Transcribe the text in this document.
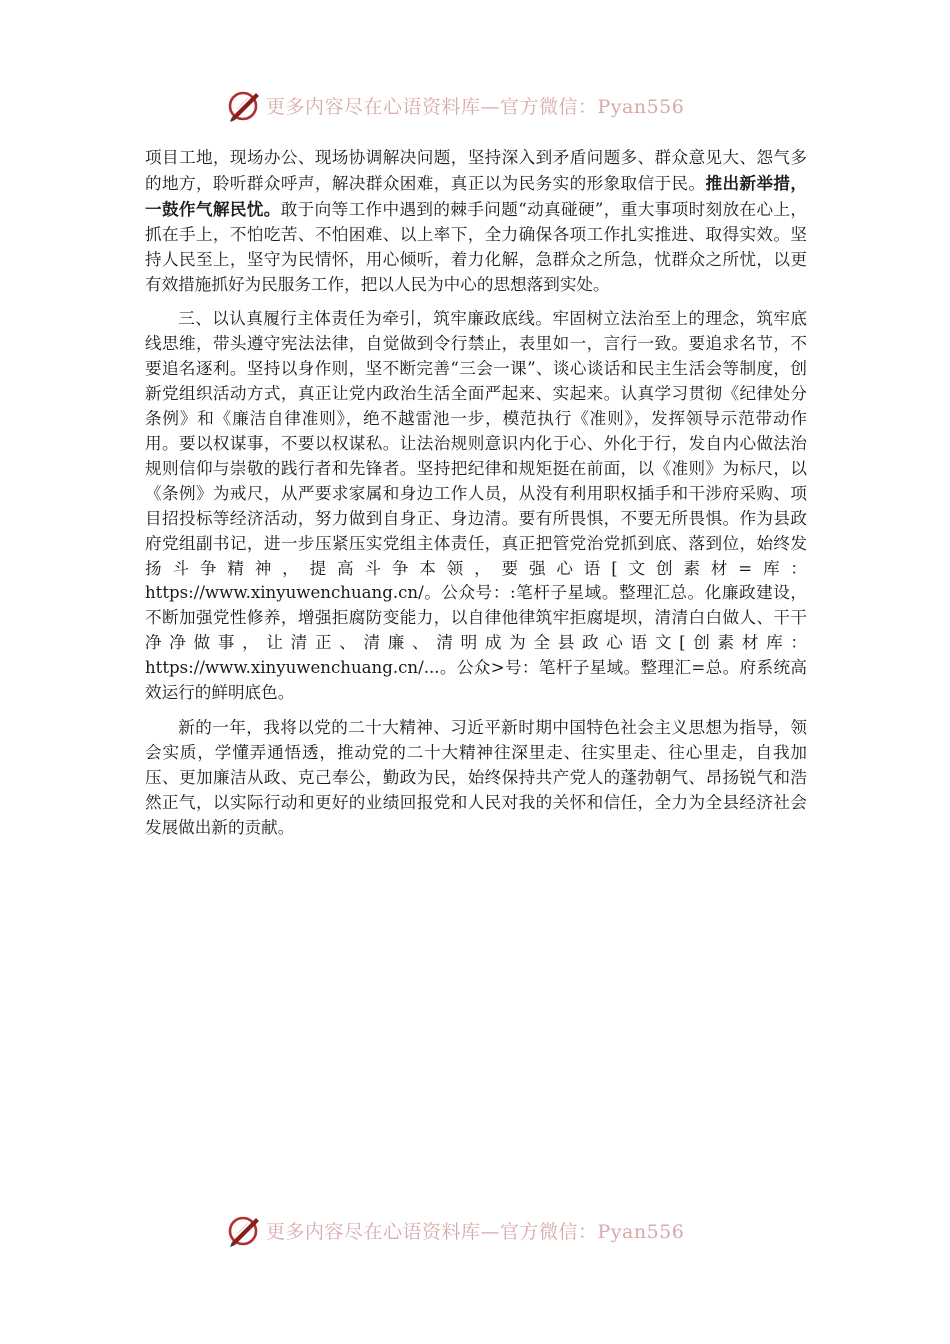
更多内容尽在心语资料库—官方微信：Pyan556

项目工地，现场办公、现场协调解决问题，坚持深入到矛盾问题多、群众意见大、怨气多的地方，聆听群众呼声，解决群众困难，真正以为民务实的形象取信于民。推出新举措，一鼓作气解民忧。敢于向等工作中遇到的棘手问题“动真碰硬”，重大事项时刻放在心上，抓在手上，不怕吃苦、不怕困难、以上率下，全力确保各项工作扎实推进、取得实效。坚持人民至上，坚守为民情怀，用心倾听，着力化解，急群众之所急，忧群众之所忧，以更有效措施抓好为民服务工作，把以人民为中心的思想落到实处。

三、以认真履行主体责任为牵引，筑牢廉政底线。牢固树立法治至上的理念，筑牢底线思维，带头遵守宪法法律，自觉做到令行禁止，表里如一，言行一致。要追求名节，不要追名逐利。坚持以身作则，坚不断完善“三会一课”、谈心谈话和民主生活会等制度，创新党组织活动方式，真正让党内政治生活全面严起来、实起来。认真学习贯彻《纪律处分条例》和《廉洁自律准则》，绝不越雷池一步，模范执行《准则》，发挥领导示范带动作用。要以权谋事，不要以权谋私。让法治规则意识内化于心、外化于行，发自内心做法治规则信仰与崇敬的践行者和先锋者。坚持把纪律和规矩挺在前面，以《准则》为标尺，以《条例》为戒尺，从严要求家属和身边工作人员，从没有利用职权插手和干涉府采购、项目招投标等经济活动，努力做到自身正、身边清。要有所畏惧，不要无所畏惧。作为县政府党组副书记，进一步压紧压实党组主体责任，真正把管党治党抓到底、落到位，始终发扬斗争精神，提高斗争本领，要强心语[文创素材=库：https://www.xinyuwenchuang.cn/。公众号：:笔杆子星域。整理汇总。化廉政建设，不断加强党性修养，增强拒腐防变能力，以自律他律筑牢拒腐堤坝，清清白白做人、干干净净做事，让清正、清廉、清明成为全县政心语文[创素材库：https://www.xinyuwenchuang.cn/...。公众>号：笔杆子星域。整理汇=总。府系统高效运行的鲜明底色。

新的一年，我将以党的二十大精神、习近平新时期中国特色社会主义思想为指导，领会实质，学懂弄通悟透，推动党的二十大精神往深里走、往实里走、往心里走，自我加压、更加廉洁从政、克己奉公，勤政为民，始终保持共产党人的蓬勃朝气、昂扬锐气和浩然正气，以实际行动和更好的业绩回报党和人民对我的关怀和信任，全力为全县经济社会发展做出新的贡献。

更多内容尽在心语资料库—官方微信：Pyan556
